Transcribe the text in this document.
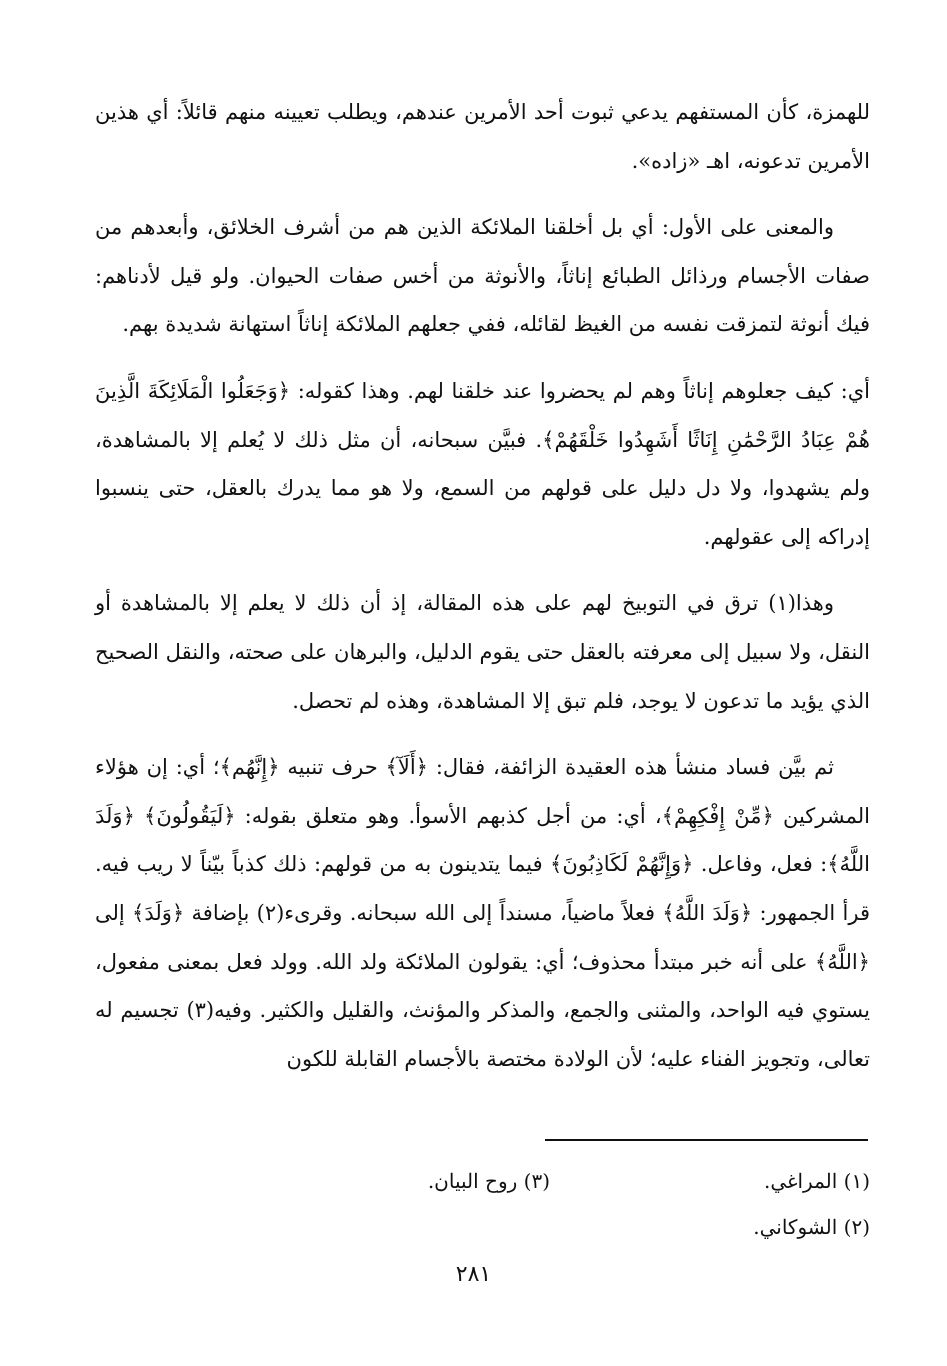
للهمزة، كأن المستفهم يدعي ثبوت أحد الأمرين عندهم، ويطلب تعيينه منهم قائلاً: أي هذين الأمرين تدعونه، اهـ «زاده».

والمعنى على الأول: أي بل أخلقنا الملائكة الذين هم من أشرف الخلائق، وأبعدهم من صفات الأجسام ورذائل الطبائع إناثاً، والأنوثة من أخس صفات الحيوان. ولو قيل لأدناهم: فيك أنوثة لتمزقت نفسه من الغيظ لقائله، ففي جعلهم الملائكة إناثاً استهانة شديدة بهم.

أي: كيف جعلوهم إناثاً وهم لم يحضروا عند خلقنا لهم. وهذا كقوله: ﴿وَجَعَلُوا الْمَلَائِكَةَ الَّذِينَ هُمْ عِبَادُ الرَّحْمَٰنِ إِنَاثًا أَشَهِدُوا خَلْقَهُمْ﴾. فبيَّن سبحانه، أن مثل ذلك لا يُعلم إلا بالمشاهدة، ولم يشهدوا، ولا دل دليل على قولهم من السمع، ولا هو مما يدرك بالعقل، حتى ينسبوا إدراكه إلى عقولهم.

وهذا(١) ترق في التوبيخ لهم على هذه المقالة، إذ أن ذلك لا يعلم إلا بالمشاهدة أو النقل، ولا سبيل إلى معرفته بالعقل حتى يقوم الدليل، والبرهان على صحته، والنقل الصحيح الذي يؤيد ما تدعون لا يوجد، فلم تبق إلا المشاهدة، وهذه لم تحصل.

ثم بيَّن فساد منشأ هذه العقيدة الزائفة، فقال: ﴿أَلَآ﴾ حرف تنبيه ﴿إِنَّهُم﴾؛ أي: إن هؤلاء المشركين ﴿مِّنْ إِفْكِهِمْ﴾، أي: من أجل كذبهم الأسوأ. وهو متعلق بقوله: ﴿لَيَقُولُونَ﴾ ﴿وَلَدَ اللَّهُ﴾: فعل، وفاعل. ﴿وَإِنَّهُمْ لَكَاذِبُونَ﴾ فيما يتدينون به من قولهم: ذلك كذباً بيّناً لا ريب فيه. قرأ الجمهور: ﴿وَلَدَ اللَّهُ﴾ فعلاً ماضياً، مسنداً إلى الله سبحانه. وقرىء(٢) بإضافة ﴿وَلَدَ﴾ إلى ﴿اللَّهُ﴾ على أنه خبر مبتدأ محذوف؛ أي: يقولون الملائكة ولد الله. وولد فعل بمعنى مفعول، يستوي فيه الواحد، والمثنى والجمع، والمذكر والمؤنث، والقليل والكثير. وفيه(٣) تجسيم له تعالى، وتجويز الفناء عليه؛ لأن الولادة مختصة بالأجسام القابلة للكون

(١) المراغي.
(٣) روح البيان.
(٢) الشوكاني.
٢٨١
